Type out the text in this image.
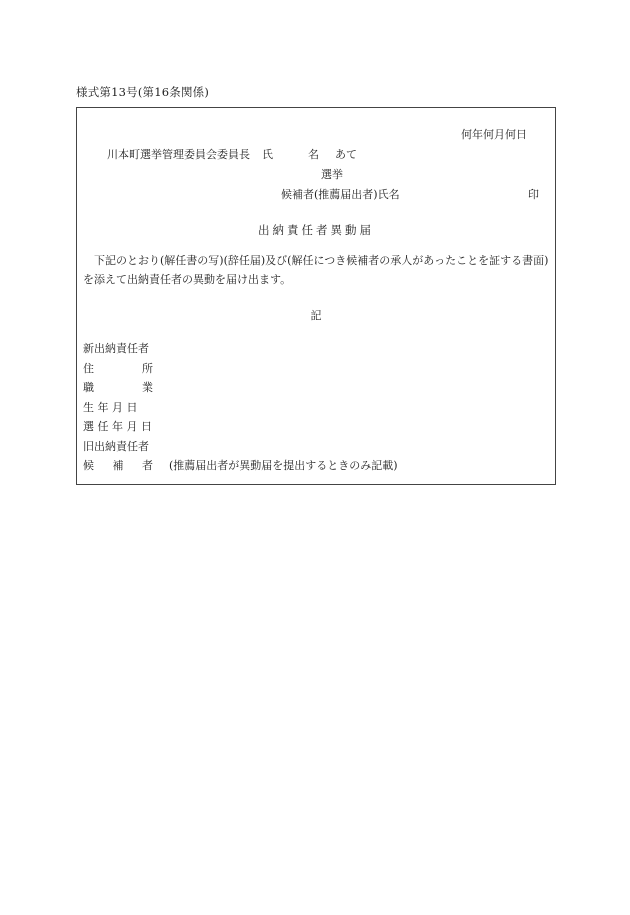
様式第13号(第16条関係)
何年何月何日
川本町選挙管理委員会委員長 氏　名 あて
選挙
候補者(推薦届出者)氏名	印
出納責任者異動届
下記のとおり(解任書の写)(辞任届)及び(解任につき候補者の承人があったことを証する書面)を添えて出納責任者の異動を届け出ます。
記
新出納責任者
住所
職業
生 年 月 日
選 任 年 月 日
旧出納責任者
候補者 (推薦届出者が異動届を提出するときのみ記載)
